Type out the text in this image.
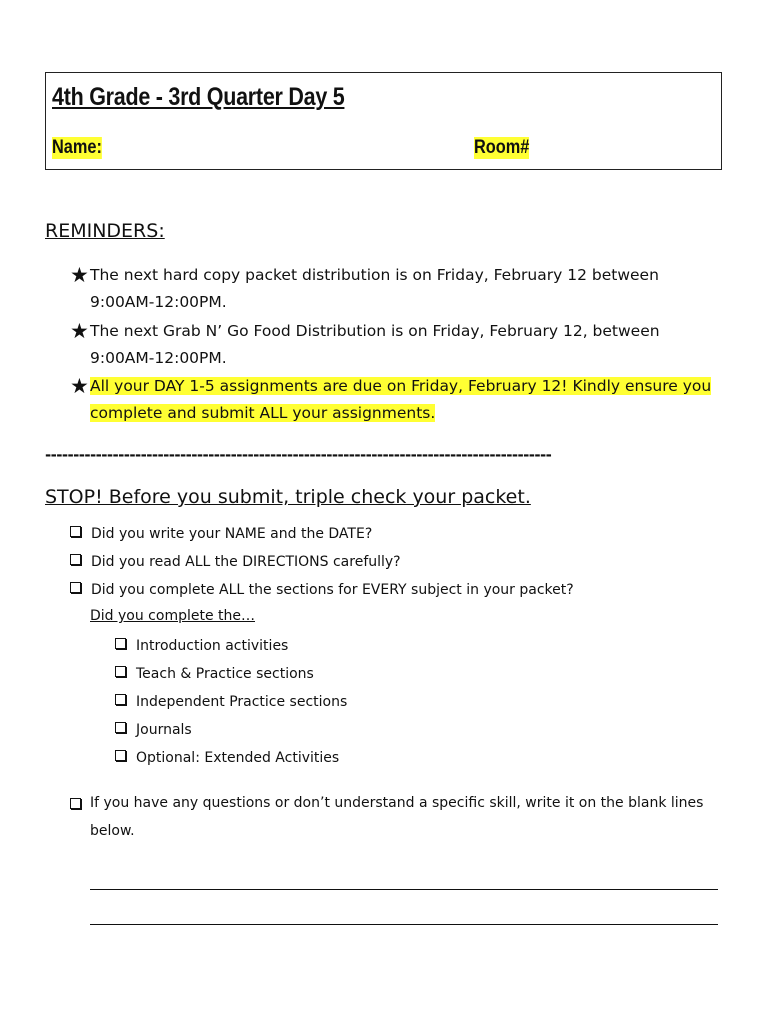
4th Grade - 3rd Quarter Day 5
Name:	Room#
REMINDERS:
★ The next hard copy packet distribution is on Friday, February 12 between 9:00AM-12:00PM.
★ The next Grab N’ Go Food Distribution is on Friday, February 12, between 9:00AM-12:00PM.
★ All your DAY 1-5 assignments are due on Friday, February 12! Kindly ensure you complete and submit ALL your assignments.
------------------------------------------------------------------------------------------
STOP! Before you submit, triple check your packet.
Did you write your NAME and the DATE?
Did you read ALL the DIRECTIONS carefully?
Did you complete ALL the sections for EVERY subject in your packet?
Did you complete the…
Introduction activities
Teach & Practice sections
Independent Practice sections
Journals
Optional: Extended Activities
If you have any questions or don’t understand a specific skill, write it on the blank lines below.
